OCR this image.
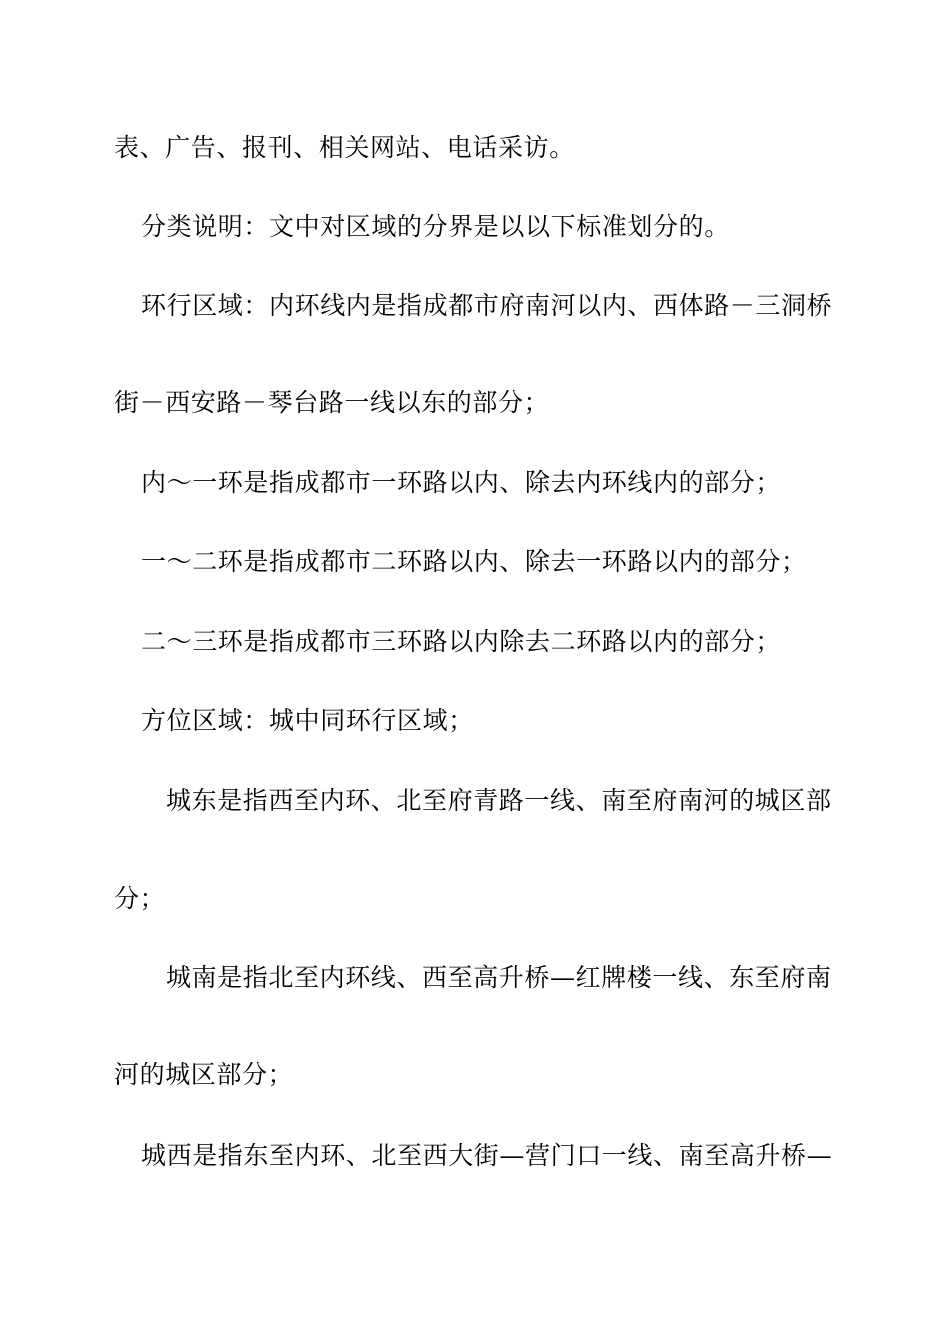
表、广告、报刊、相关网站、电话采访。
分类说明：文中对区域的分界是以以下标准划分的。
环行区域：内环线内是指成都市府南河以内、西体路－三洞桥
街－西安路－琴台路一线以东的部分；
内～一环是指成都市一环路以内、除去内环线内的部分；
一～二环是指成都市二环路以内、除去一环路以内的部分；
二～三环是指成都市三环路以内除去二环路以内的部分；
方位区域：城中同环行区域；
城东是指西至内环、北至府青路一线、南至府南河的城区部
分；
城南是指北至内环线、西至高升桥—红牌楼一线、东至府南
河的城区部分；
城西是指东至内环、北至西大街—营门口一线、南至高升桥—
